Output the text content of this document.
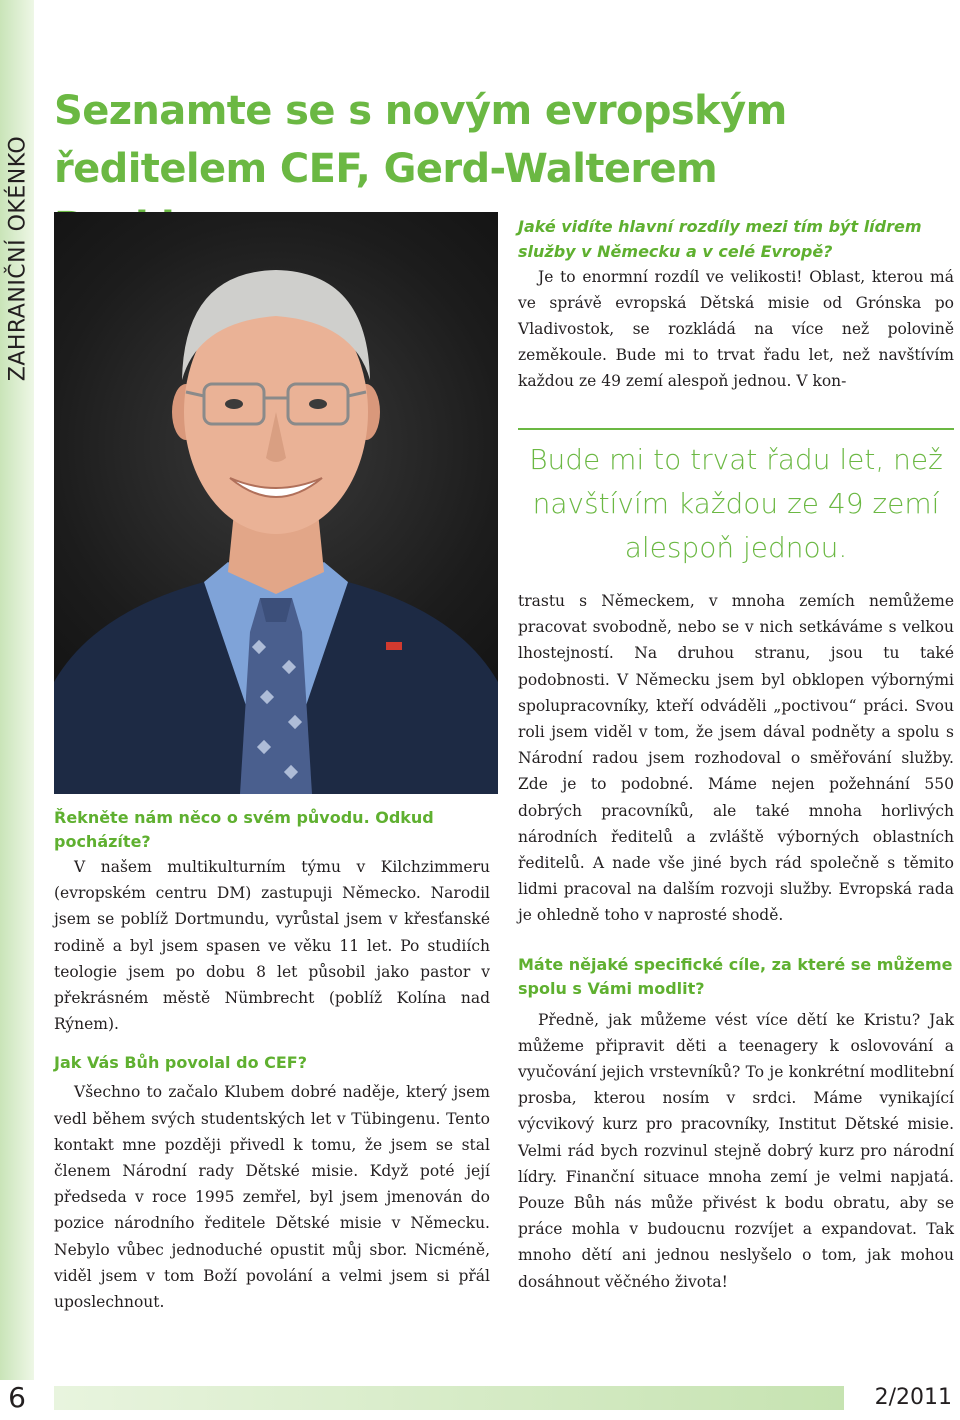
ZAHRANIČNÍ OKÉNKO
Seznamte se s novým evropským ředitelem CEF, Gerd-Walterem

Řekněte nám něco o svém původu. Odkud pocházíte?

V našem multikulturním týmu v Kilchzimmeru (evropském centru DM) zastupuji Německo. Narodil jsem se poblíž Dortmundu, vyrůstal jsem v křesťanské rodině a byl jsem spasen ve věku 11 let. Po studiích teologie jsem po dobu 8 let působil jako pastor v překrásném městě Nümbrecht (poblíž Kolína nad Rýnem).

Jak Vás Bůh povolal do CEF?

Všechno to začalo Klubem dobré naděje, který jsem vedl během svých studentských let v Tübingenu. Tento kontakt mne později přivedl k tomu, že jsem se stal členem Národní rady Dětské misie. Když poté její předseda v roce 1995 zemřel, byl jsem jmenován do pozice národního ředitele Dětské misie v Německu. Nebylo vůbec jednoduché opustit můj sbor. Nicméně, viděl jsem v tom Boží povolání a velmi jsem si přál uposlechnout.

Jaké vidíte hlavní rozdíly mezi tím být lídrem služby v Německu a v celé Evropě?

Je to enormní rozdíl ve velikosti! Oblast, kterou má ve správě evropská Dětská misie od Grónska po Vladivostok, se rozkládá na více než polovině zeměkoule. Bude mi to trvat řadu let, než navštívím každou ze 49 zemí alespoň jednou. V kon-

Bude mi to trvat řadu let, než navštívím každou ze 49 zemí alespoň jednou.

trastu s Německem, v mnoha zemích nemůžeme pracovat svobodně, nebo se v nich setkáváme s velkou lhostejností. Na druhou stranu, jsou tu také podobnosti. V Německu jsem byl obklopen výbornými spolupracovníky, kteří odváděli „poctivou“ práci. Svou roli jsem viděl v tom, že jsem dával podněty a spolu s Národní radou jsem rozhodoval o směřování služby. Zde je to podobné. Máme nejen požehnání 550 dobrých pracovníků, ale také mnoha horlivých národních ředitelů a zvláště výborných oblastních ředitelů. A nade vše jiné bych rád společně s těmito lidmi pracoval na dalším rozvoji služby. Evropská rada je ohledně toho v naprosté shodě.

Máte nějaké specifické cíle, za které se můžeme spolu s Vámi modlit?

Předně, jak můžeme vést více dětí ke Kristu? Jak můžeme připravit děti a teenagery k oslovování a vyučování jejich vrstevníků? To je konkrétní modlitební prosba, kterou nosím v srdci. Máme vynikající výcvikový kurz pro pracovníky, Institut Dětské misie. Velmi rád bych rozvinul stejně dobrý kurz pro národní lídry. Finanční situace mnoha zemí je velmi napjatá. Pouze Bůh nás může přivést k bodu obratu, aby se práce mohla v budoucnu rozvíjet a expandovat. Tak mnoho dětí ani jednou neslyšelo o tom, jak mohou dosáhnout věčného života!

6	2/2011
